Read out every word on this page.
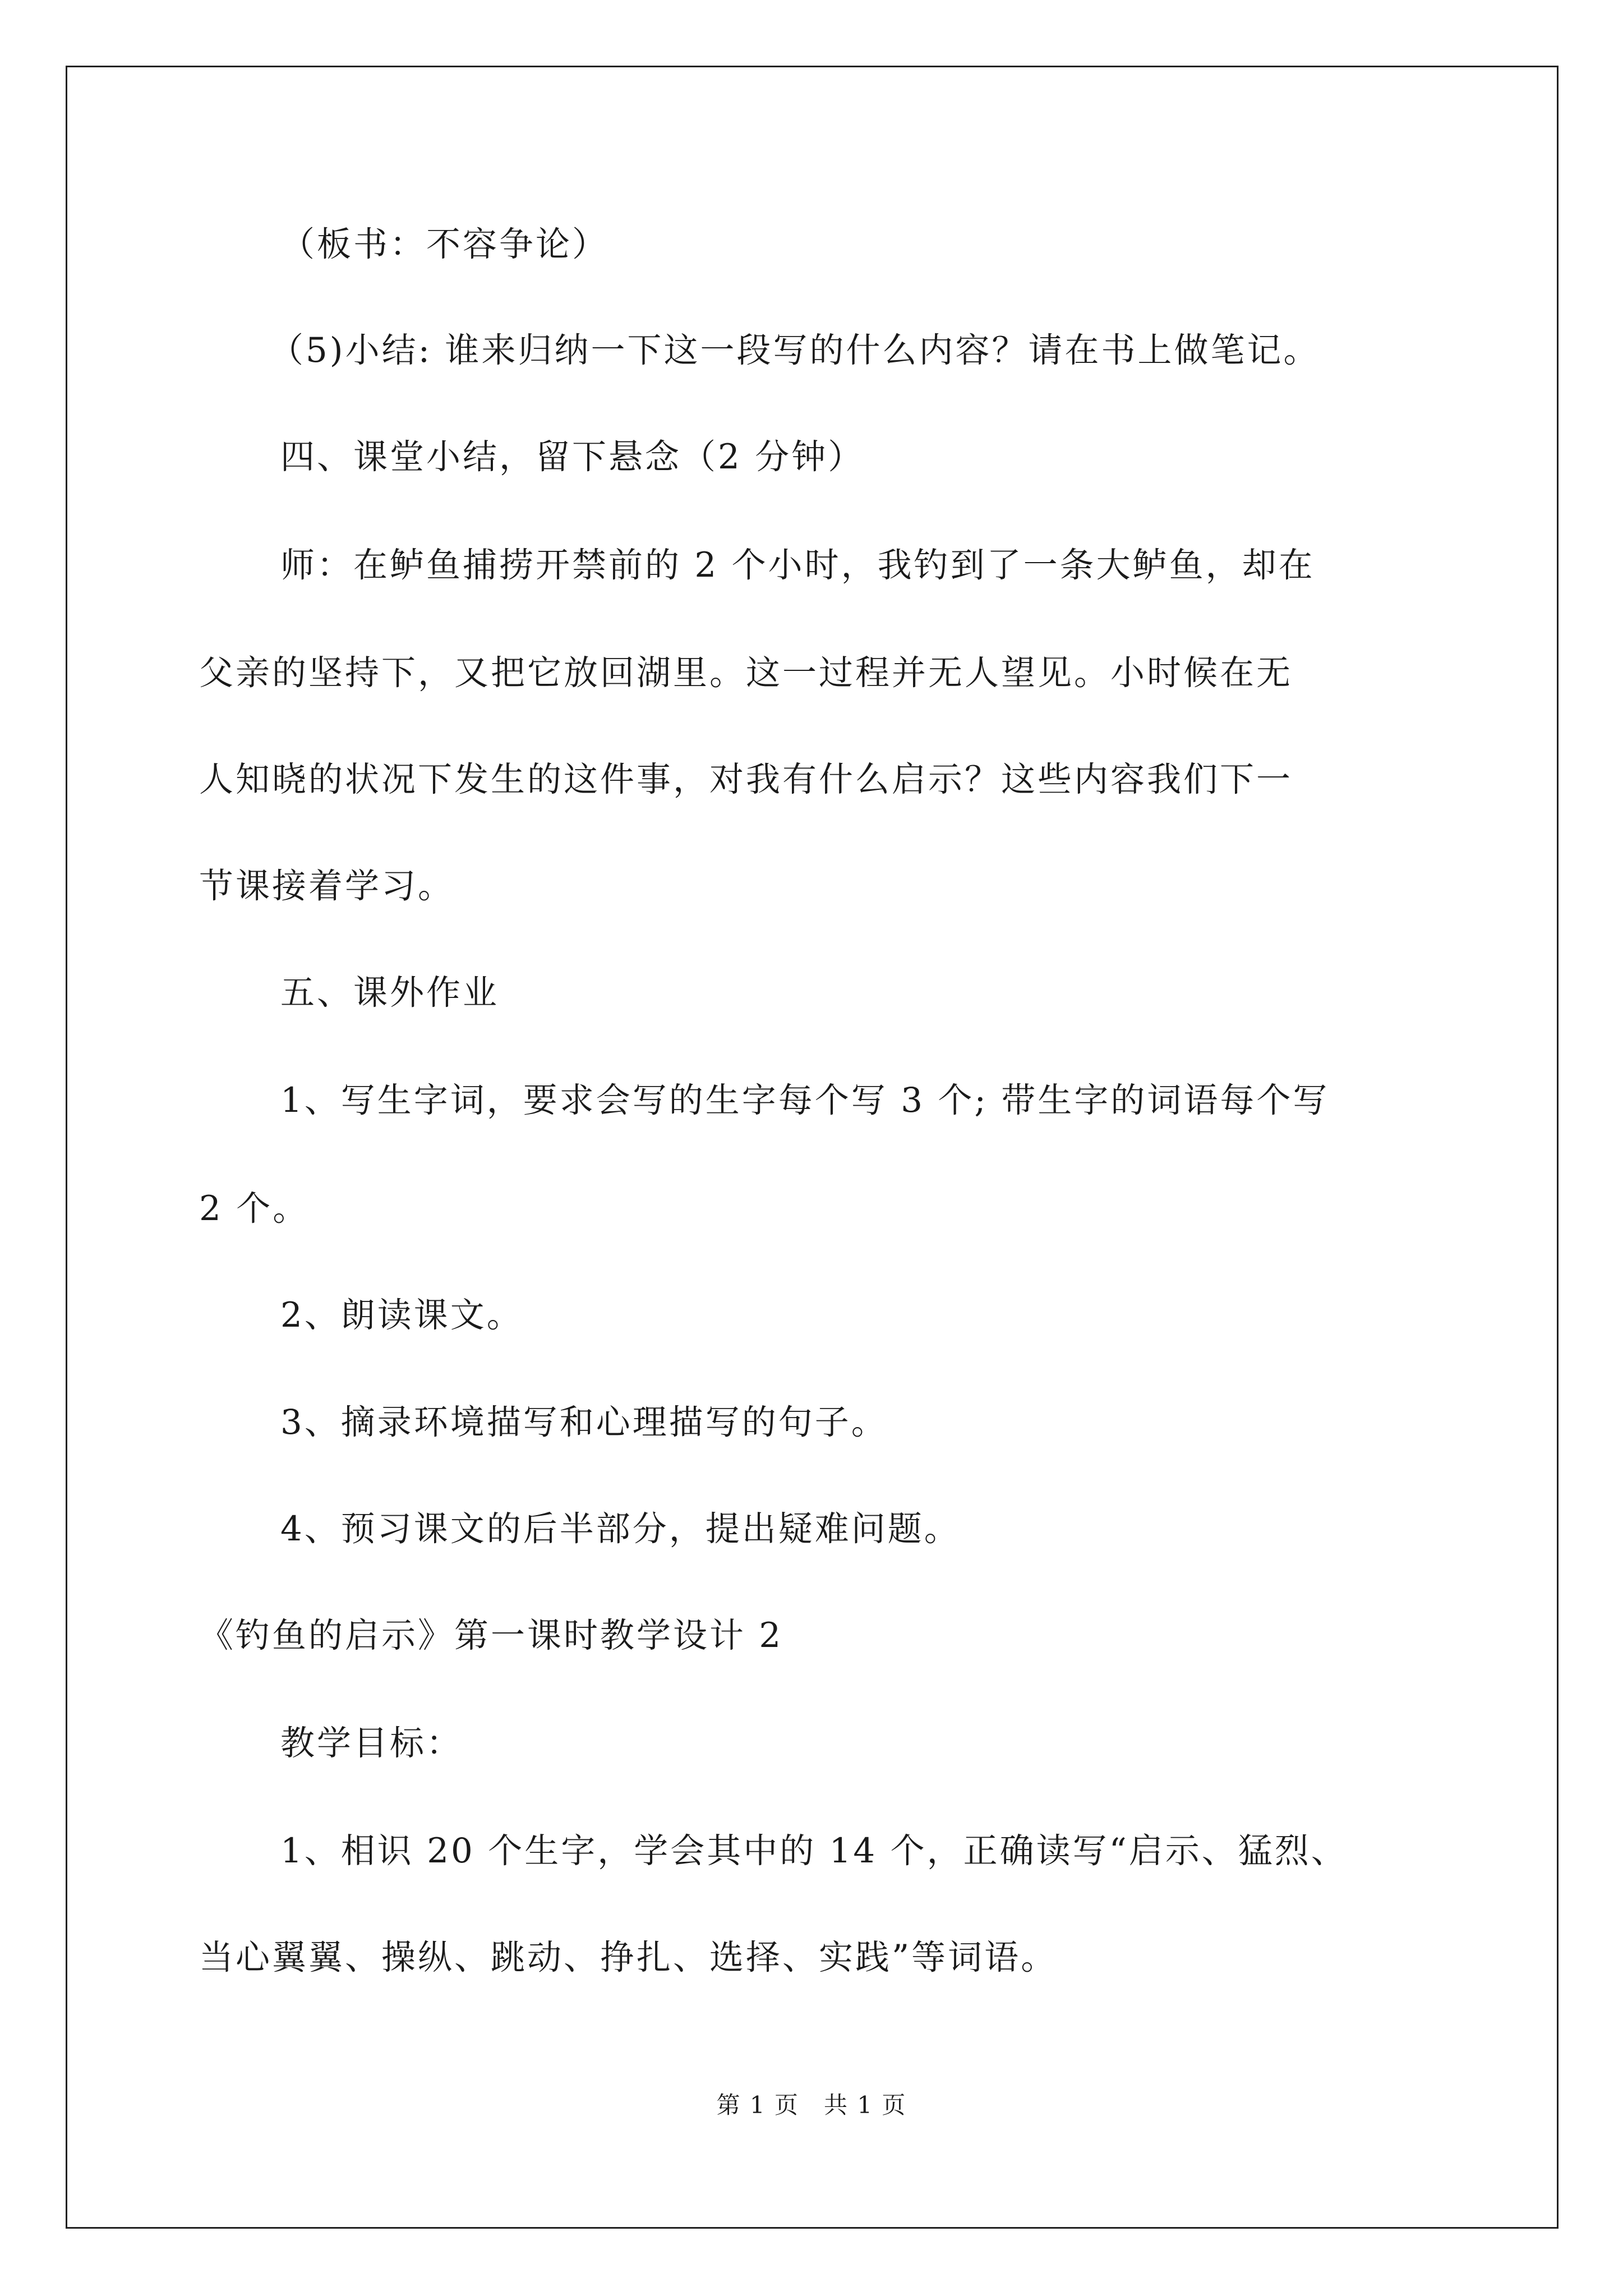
（板书：不容争论）
（5)小结: 谁来归纳一下这一段写的什么内容？请在书上做笔记。
四、课堂小结，留下悬念（2 分钟）
师：在鲈鱼捕捞开禁前的 2 个小时，我钓到了一条大鲈鱼，却在
父亲的坚持下，又把它放回湖里。这一过程并无人望见。小时候在无
人知晓的状况下发生的这件事，对我有什么启示？这些内容我们下一
节课接着学习。
五、课外作业
1、写生字词，要求会写的生字每个写 3 个; 带生字的词语每个写
2 个。
2、朗读课文。
3、摘录环境描写和心理描写的句子。
4、预习课文的后半部分，提出疑难问题。
《钓鱼的启示》第一课时教学设计 2
教学目标：
1、相识 20 个生字，学会其中的 14 个，正确读写“启示、猛烈、
当心翼翼、操纵、跳动、挣扎、选择、实践”等词语。
第 1 页　共 1 页
